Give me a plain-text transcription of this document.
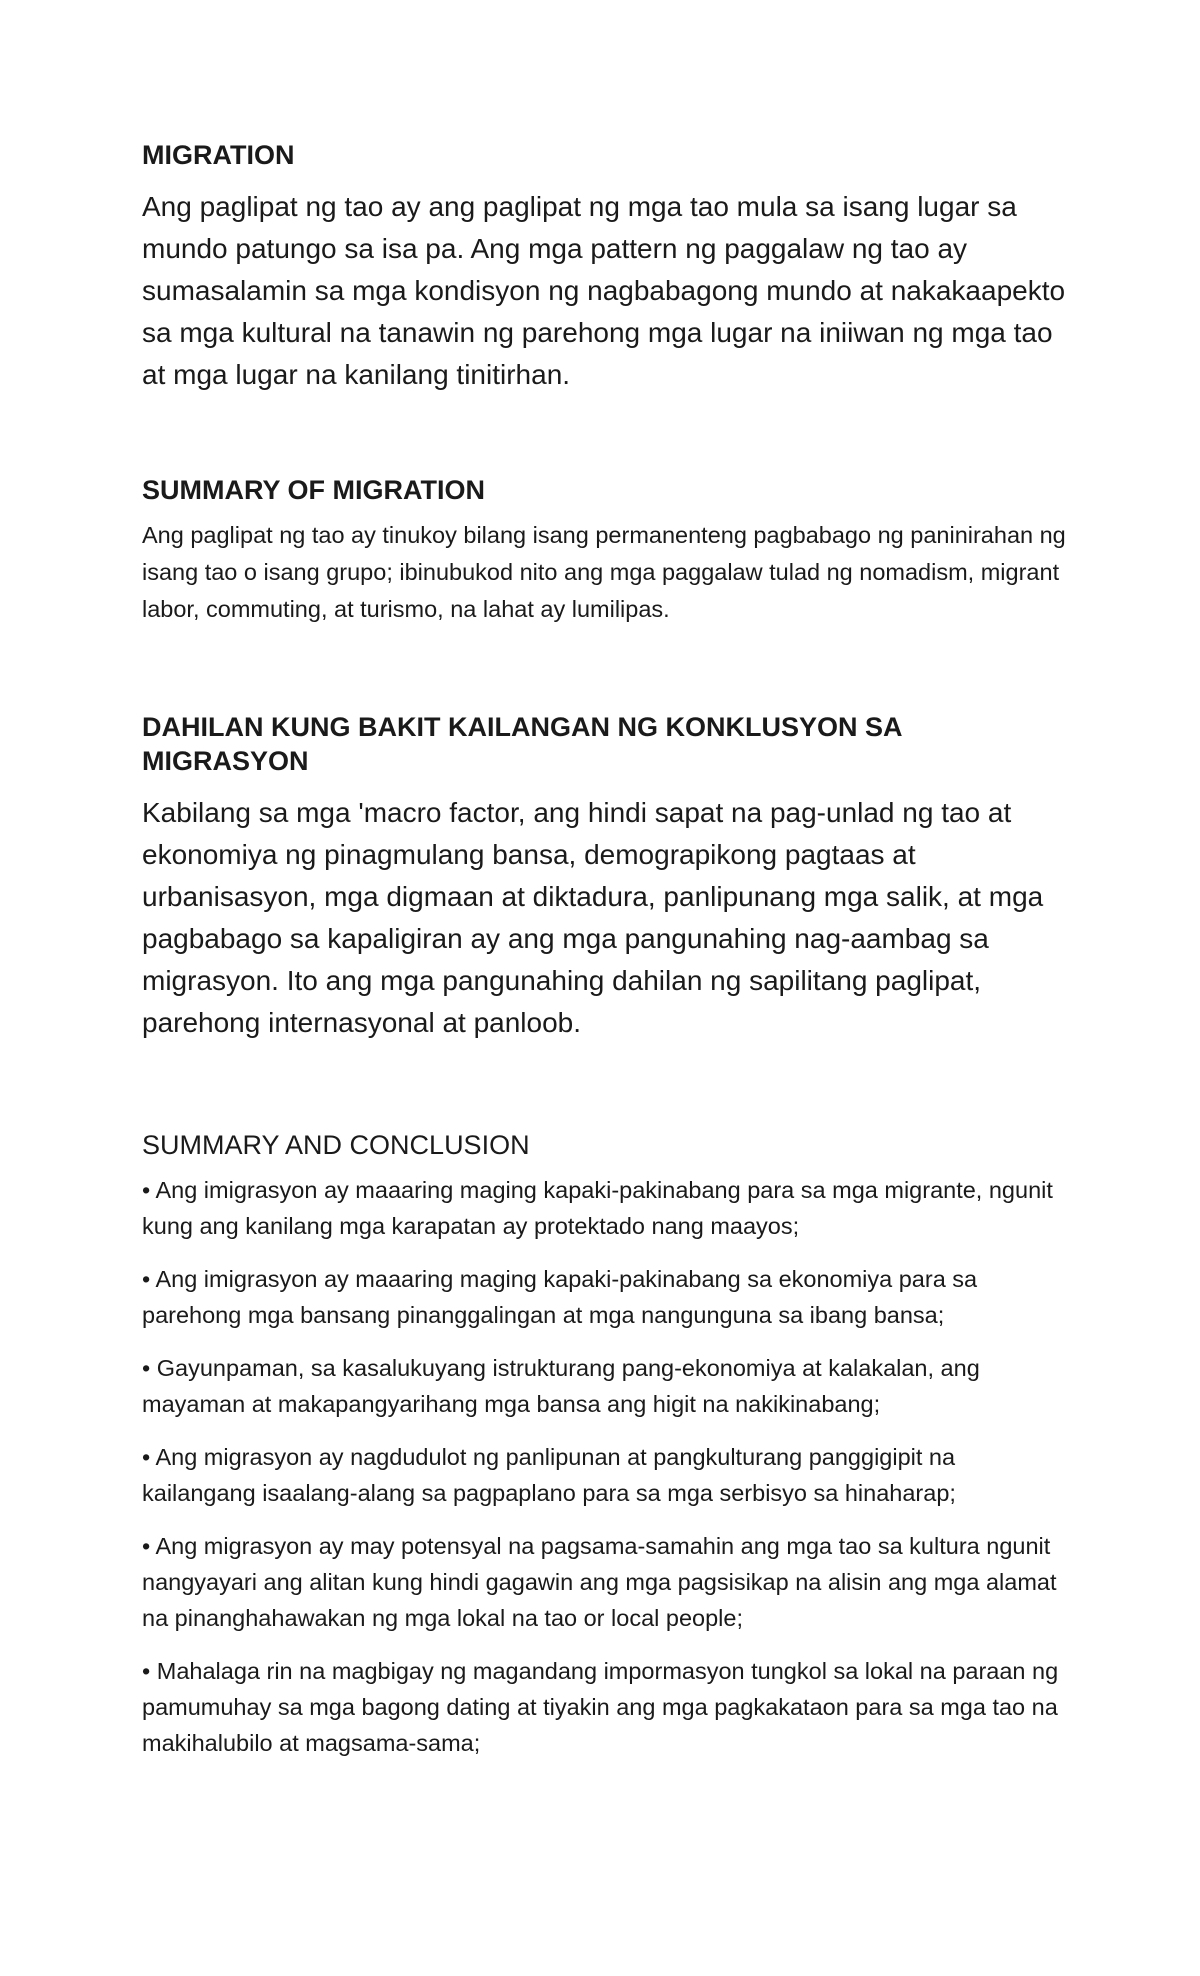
MIGRATION

Ang paglipat ng tao ay ang paglipat ng mga tao mula sa isang lugar sa mundo patungo sa isa pa. Ang mga pattern ng paggalaw ng tao ay sumasalamin sa mga kondisyon ng nagbabagong mundo at nakakaapekto sa mga kultural na tanawin ng parehong mga lugar na iniiwan ng mga tao at mga lugar na kanilang tinitirhan.

SUMMARY OF MIGRATION

Ang paglipat ng tao ay tinukoy bilang isang permanenteng pagbabago ng paninirahan ng isang tao o isang grupo; ibinubukod nito ang mga paggalaw tulad ng nomadism, migrant labor, commuting, at turismo, na lahat ay lumilipas.

DAHILAN KUNG BAKIT KAILANGAN NG KONKLUSYON SA MIGRASYON

Kabilang sa mga 'macro factor, ang hindi sapat na pag-unlad ng tao at ekonomiya ng pinagmulang bansa, demograpikong pagtaas at urbanisasyon, mga digmaan at diktadura, panlipunang mga salik, at mga pagbabago sa kapaligiran ay ang mga pangunahing nag-aambag sa migrasyon. Ito ang mga pangunahing dahilan ng sapilitang paglipat, parehong internasyonal at panloob.

SUMMARY AND CONCLUSION

• Ang imigrasyon ay maaaring maging kapaki-pakinabang para sa mga migrante, ngunit kung ang kanilang mga karapatan ay protektado nang maayos;

• Ang imigrasyon ay maaaring maging kapaki-pakinabang sa ekonomiya para sa parehong mga bansang pinanggalingan at mga nangunguna sa ibang bansa;

• Gayunpaman, sa kasalukuyang istrukturang pang-ekonomiya at kalakalan, ang mayaman at makapangyarihang mga bansa ang higit na nakikinabang;

• Ang migrasyon ay nagdudulot ng panlipunan at pangkulturang panggigipit na kailangang isaalang-alang sa pagpaplano para sa mga serbisyo sa hinaharap;

• Ang migrasyon ay may potensyal na pagsama-samahin ang mga tao sa kultura ngunit nangyayari ang alitan kung hindi gagawin ang mga pagsisikap na alisin ang mga alamat na pinanghahawakan ng mga lokal na tao or local people;

• Mahalaga rin na magbigay ng magandang impormasyon tungkol sa lokal na paraan ng pamumuhay sa mga bagong dating at tiyakin ang mga pagkakataon para sa mga tao na makihalubilo at magsama-sama;
